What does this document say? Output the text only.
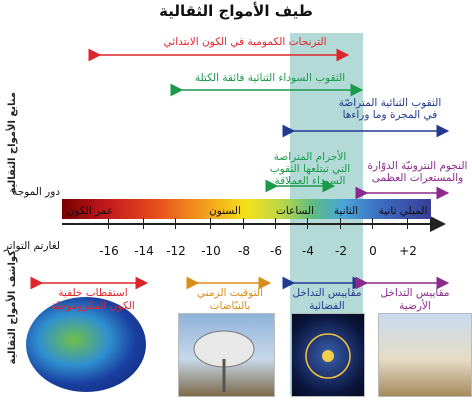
طيف الأمواج الثقالية
منابع الأمواج الثقالية
كواشف الأمواج الثقالية
الترنحات الكمومية في الكون الابتدائي
الثقوب السوداء الثنائية فائقة الكتلة
الثقوب الثنائية المتراصّة
في المجرة وما وراءها
الأجرام المتراصة
التي تبتلعها الثقوب
السوداء العملاقة
النجوم النترونيّة الدوّارة
والمستعرات العظمى
دور الموجة
لغارتم التواتر
عمر الكون	السنون	الساعات	الثانية	الميلي ثانية
-16 -14 -12 -10	-8	-6	-4	-2	0	+2
استقطاب خلفية
الكون المكروموجيّة
التوقيت الزمني
بالنبّاضات
مقاييس التداخل
الفضائية
مقاييس التداخل
الأرضية
